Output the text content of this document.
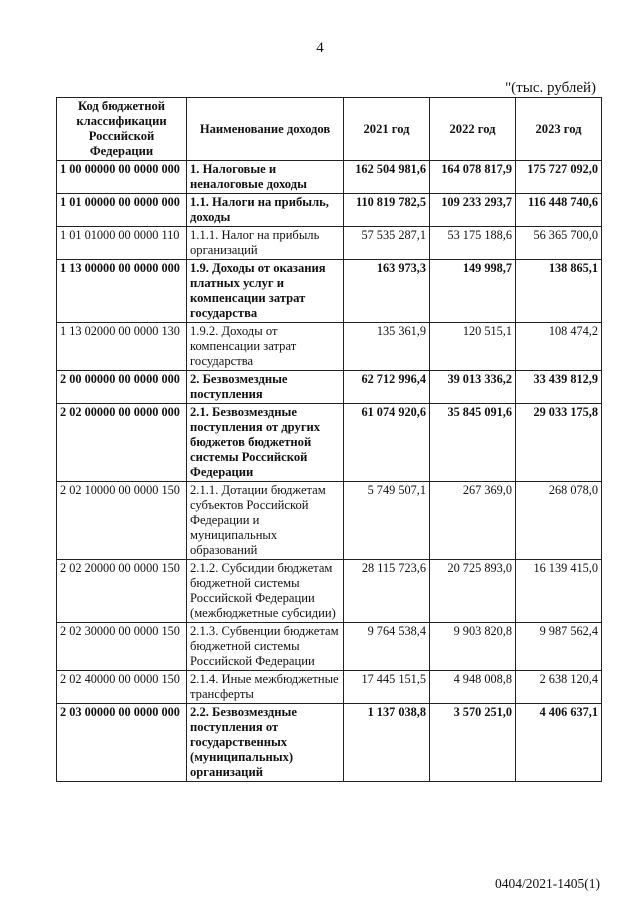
4
"(тыс. рублей)
Код бюджетной классификации Российской Федерации	Наименование доходов	2021 год	2022 год	2023 год
1 00 00000 00 0000 000	1. Налоговые и неналоговые доходы	162 504 981,6	164 078 817,9	175 727 092,0
1 01 00000 00 0000 000	1.1. Налоги на прибыль, доходы	110 819 782,5	109 233 293,7	116 448 740,6
1 01 01000 00 0000 110	1.1.1. Налог на прибыль организаций	57 535 287,1	53 175 188,6	56 365 700,0
1 13 00000 00 0000 000	1.9. Доходы от оказания платных услуг и компенсации затрат государства	163 973,3	149 998,7	138 865,1
1 13 02000 00 0000 130	1.9.2. Доходы от компенсации затрат государства	135 361,9	120 515,1	108 474,2
2 00 00000 00 0000 000	2. Безвозмездные поступления	62 712 996,4	39 013 336,2	33 439 812,9
2 02 00000 00 0000 000	2.1. Безвозмездные поступления от других бюджетов бюджетной системы Российской Федерации	61 074 920,6	35 845 091,6	29 033 175,8
2 02 10000 00 0000 150	2.1.1. Дотации бюджетам субъектов Российской Федерации и муниципальных образований	5 749 507,1	267 369,0	268 078,0
2 02 20000 00 0000 150	2.1.2. Субсидии бюджетам бюджетной системы Российской Федерации (межбюджетные субсидии)	28 115 723,6	20 725 893,0	16 139 415,0
2 02 30000 00 0000 150	2.1.3. Субвенции бюджетам бюджетной системы Российской Федерации	9 764 538,4	9 903 820,8	9 987 562,4
2 02 40000 00 0000 150	2.1.4. Иные межбюджетные трансферты	17 445 151,5	4 948 008,8	2 638 120,4
2 03 00000 00 0000 000	2.2. Безвозмездные поступления от государственных (муниципальных) организаций	1 137 038,8	3 570 251,0	4 406 637,1
0404/2021-1405(1)
